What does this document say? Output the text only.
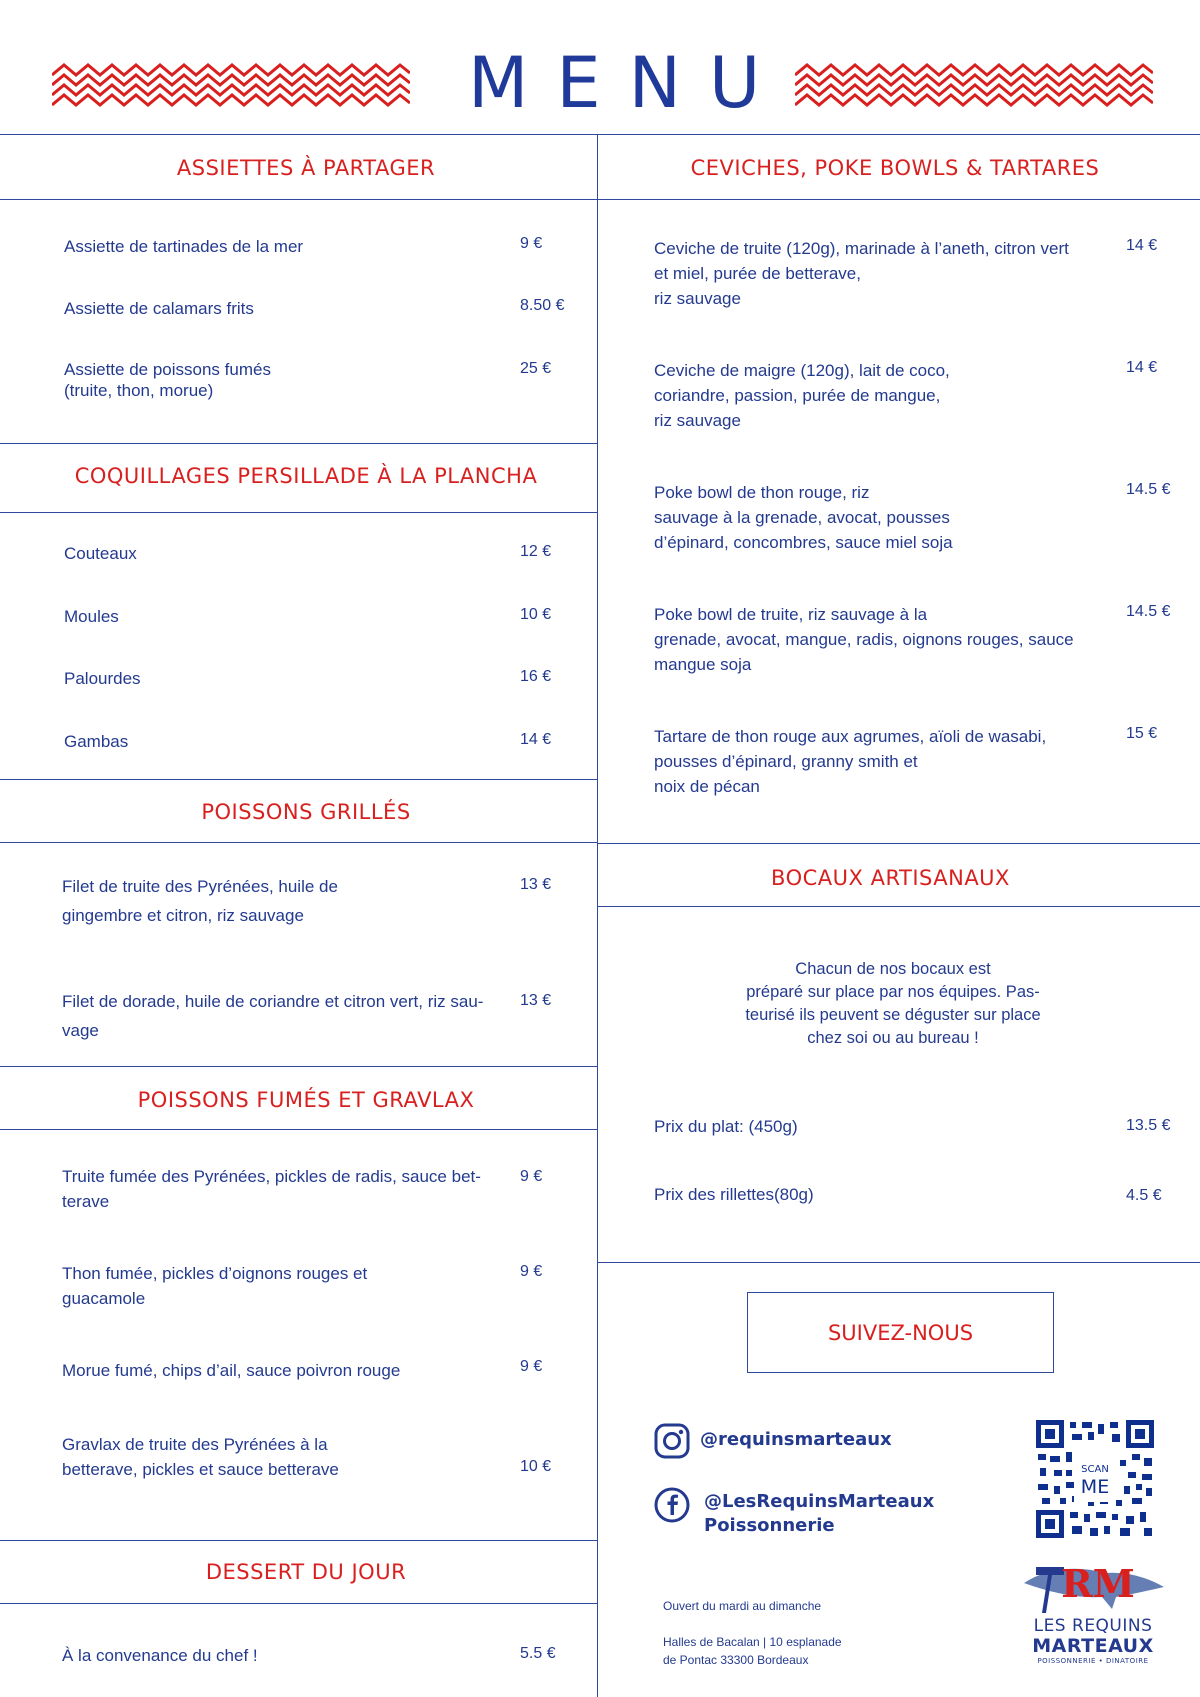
MENU
ASSIETTES À PARTAGER
Assiette de tartinades de la mer	9 €
Assiette de calamars frits	8.50 €
Assiette de poissons fumés
(truite, thon, morue)
25 €
COQUILLAGES PERSILLADE À LA PLANCHA
Couteaux	12 €
Moules	10 €
Palourdes	16 €
Gambas	14 €
POISSONS GRILLÉS
Filet de truite des Pyrénées, huile de
gingembre et citron, riz sauvage
13 €
Filet de dorade, huile de coriandre et citron vert, riz sau-
vage
13 €
POISSONS FUMÉS ET GRAVLAX
Truite fumée des Pyrénées, pickles de radis, sauce bet-
terave
9 €
Thon fumée, pickles d’oignons rouges et
guacamole
9 €
Morue fumé, chips d’ail, sauce poivron rouge	9 €
Gravlax de truite des Pyrénées à la
betterave, pickles et sauce betterave	10 €
DESSERT DU JOUR
À la convenance du chef !	5.5 €
CEVICHES, POKE BOWLS & TARTARES
Ceviche de truite (120g), marinade à l’aneth, citron vert
et miel, purée de betterave,
riz sauvage
14 €
Ceviche de maigre (120g), lait de coco,
coriandre, passion, purée de mangue,
riz sauvage
14 €
Poke bowl de thon rouge, riz
sauvage à la grenade, avocat, pousses
d’épinard, concombres, sauce miel soja
14.5 €
Poke bowl de truite, riz sauvage à la
grenade, avocat, mangue, radis, oignons rouges, sauce
mangue soja
14.5 €
Tartare de thon rouge aux agrumes, aïoli de wasabi,
pousses d’épinard, granny smith et
noix de pécan
15 €
BOCAUX ARTISANAUX
Chacun de nos bocaux est
préparé sur place par nos équipes. Pas-
teurisé ils peuvent se déguster sur place
chez soi ou au bureau !
Prix du plat: (450g)	13.5 €
Prix des rillettes(80g)	4.5 €
SUIVEZ-NOUS
@requinsmarteaux
@LesRequinsMarteaux
Poissonnerie
SCAN
ME
Ouvert du mardi au dimanche
Halles de Bacalan | 10 esplanade
de Pontac 33300 Bordeaux
RM
LES REQUINS
MARTEAUX
POISSONNERIE • DINATOIRE
